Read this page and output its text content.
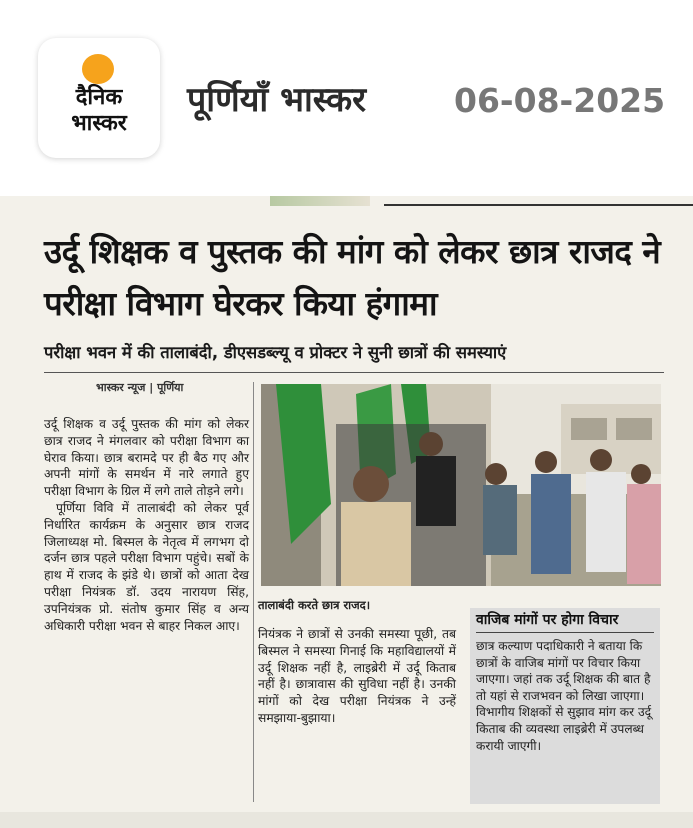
दैनिक
भास्कर
पूर्णियाँ भास्कर	06-08-2025
उर्दू शिक्षक व पुस्तक की मांग को लेकर छात्र राजद ने परीक्षा विभाग घेरकर किया हंगामा
परीक्षा भवन में की तालाबंदी, डीएसडब्ल्यू व प्रोक्टर ने सुनी छात्रों की समस्याएं
भास्कर न्यूज | पूर्णिया

उर्दू शिक्षक व उर्दू पुस्तक की मांग को लेकर छात्र राजद ने मंगलवार को परीक्षा विभाग का घेराव किया। छात्र बरामदे पर ही बैठ गए और अपनी मांगों के समर्थन में नारे लगाते हुए परीक्षा विभाग के ग्रिल में लगे ताले तोड़ने लगे।

पूर्णिया विवि में तालाबंदी को लेकर पूर्व निर्धारित कार्यक्रम के अनुसार छात्र राजद जिलाध्यक्ष मो. बिस्मल के नेतृत्व में लगभग दो दर्जन छात्र पहले परीक्षा विभाग पहुंचे। सबों के हाथ में राजद के झंडे थे। छात्रों को आता देख परीक्षा नियंत्रक डॉ. उदय नारायण सिंह, उपनियंत्रक प्रो. संतोष कुमार सिंह व अन्य अधिकारी परीक्षा भवन से बाहर निकल आए।

तालाबंदी करते छात्र राजद।

नियंत्रक ने छात्रों से उनकी समस्या पूछी, तब बिस्मल ने समस्या गिनाई कि महाविद्यालयों में उर्दू शिक्षक नहीं है, लाइब्रेरी में उर्दू किताब नहीं है। छात्रावास की सुविधा नहीं है। उनकी मांगों को देख परीक्षा नियंत्रक ने उन्हें समझाया-बुझाया।

वाजिब मांगों पर होगा विचार
छात्र कल्याण पदाधिकारी ने बताया कि छात्रों के वाजिब मांगों पर विचार किया जाएगा। जहां तक उर्दू शिक्षक की बात है तो यहां से राजभवन को लिखा जाएगा। विभागीय शिक्षकों से सुझाव मांग कर उर्दू किताब की व्यवस्था लाइब्रेरी में उपलब्ध करायी जाएगी।
